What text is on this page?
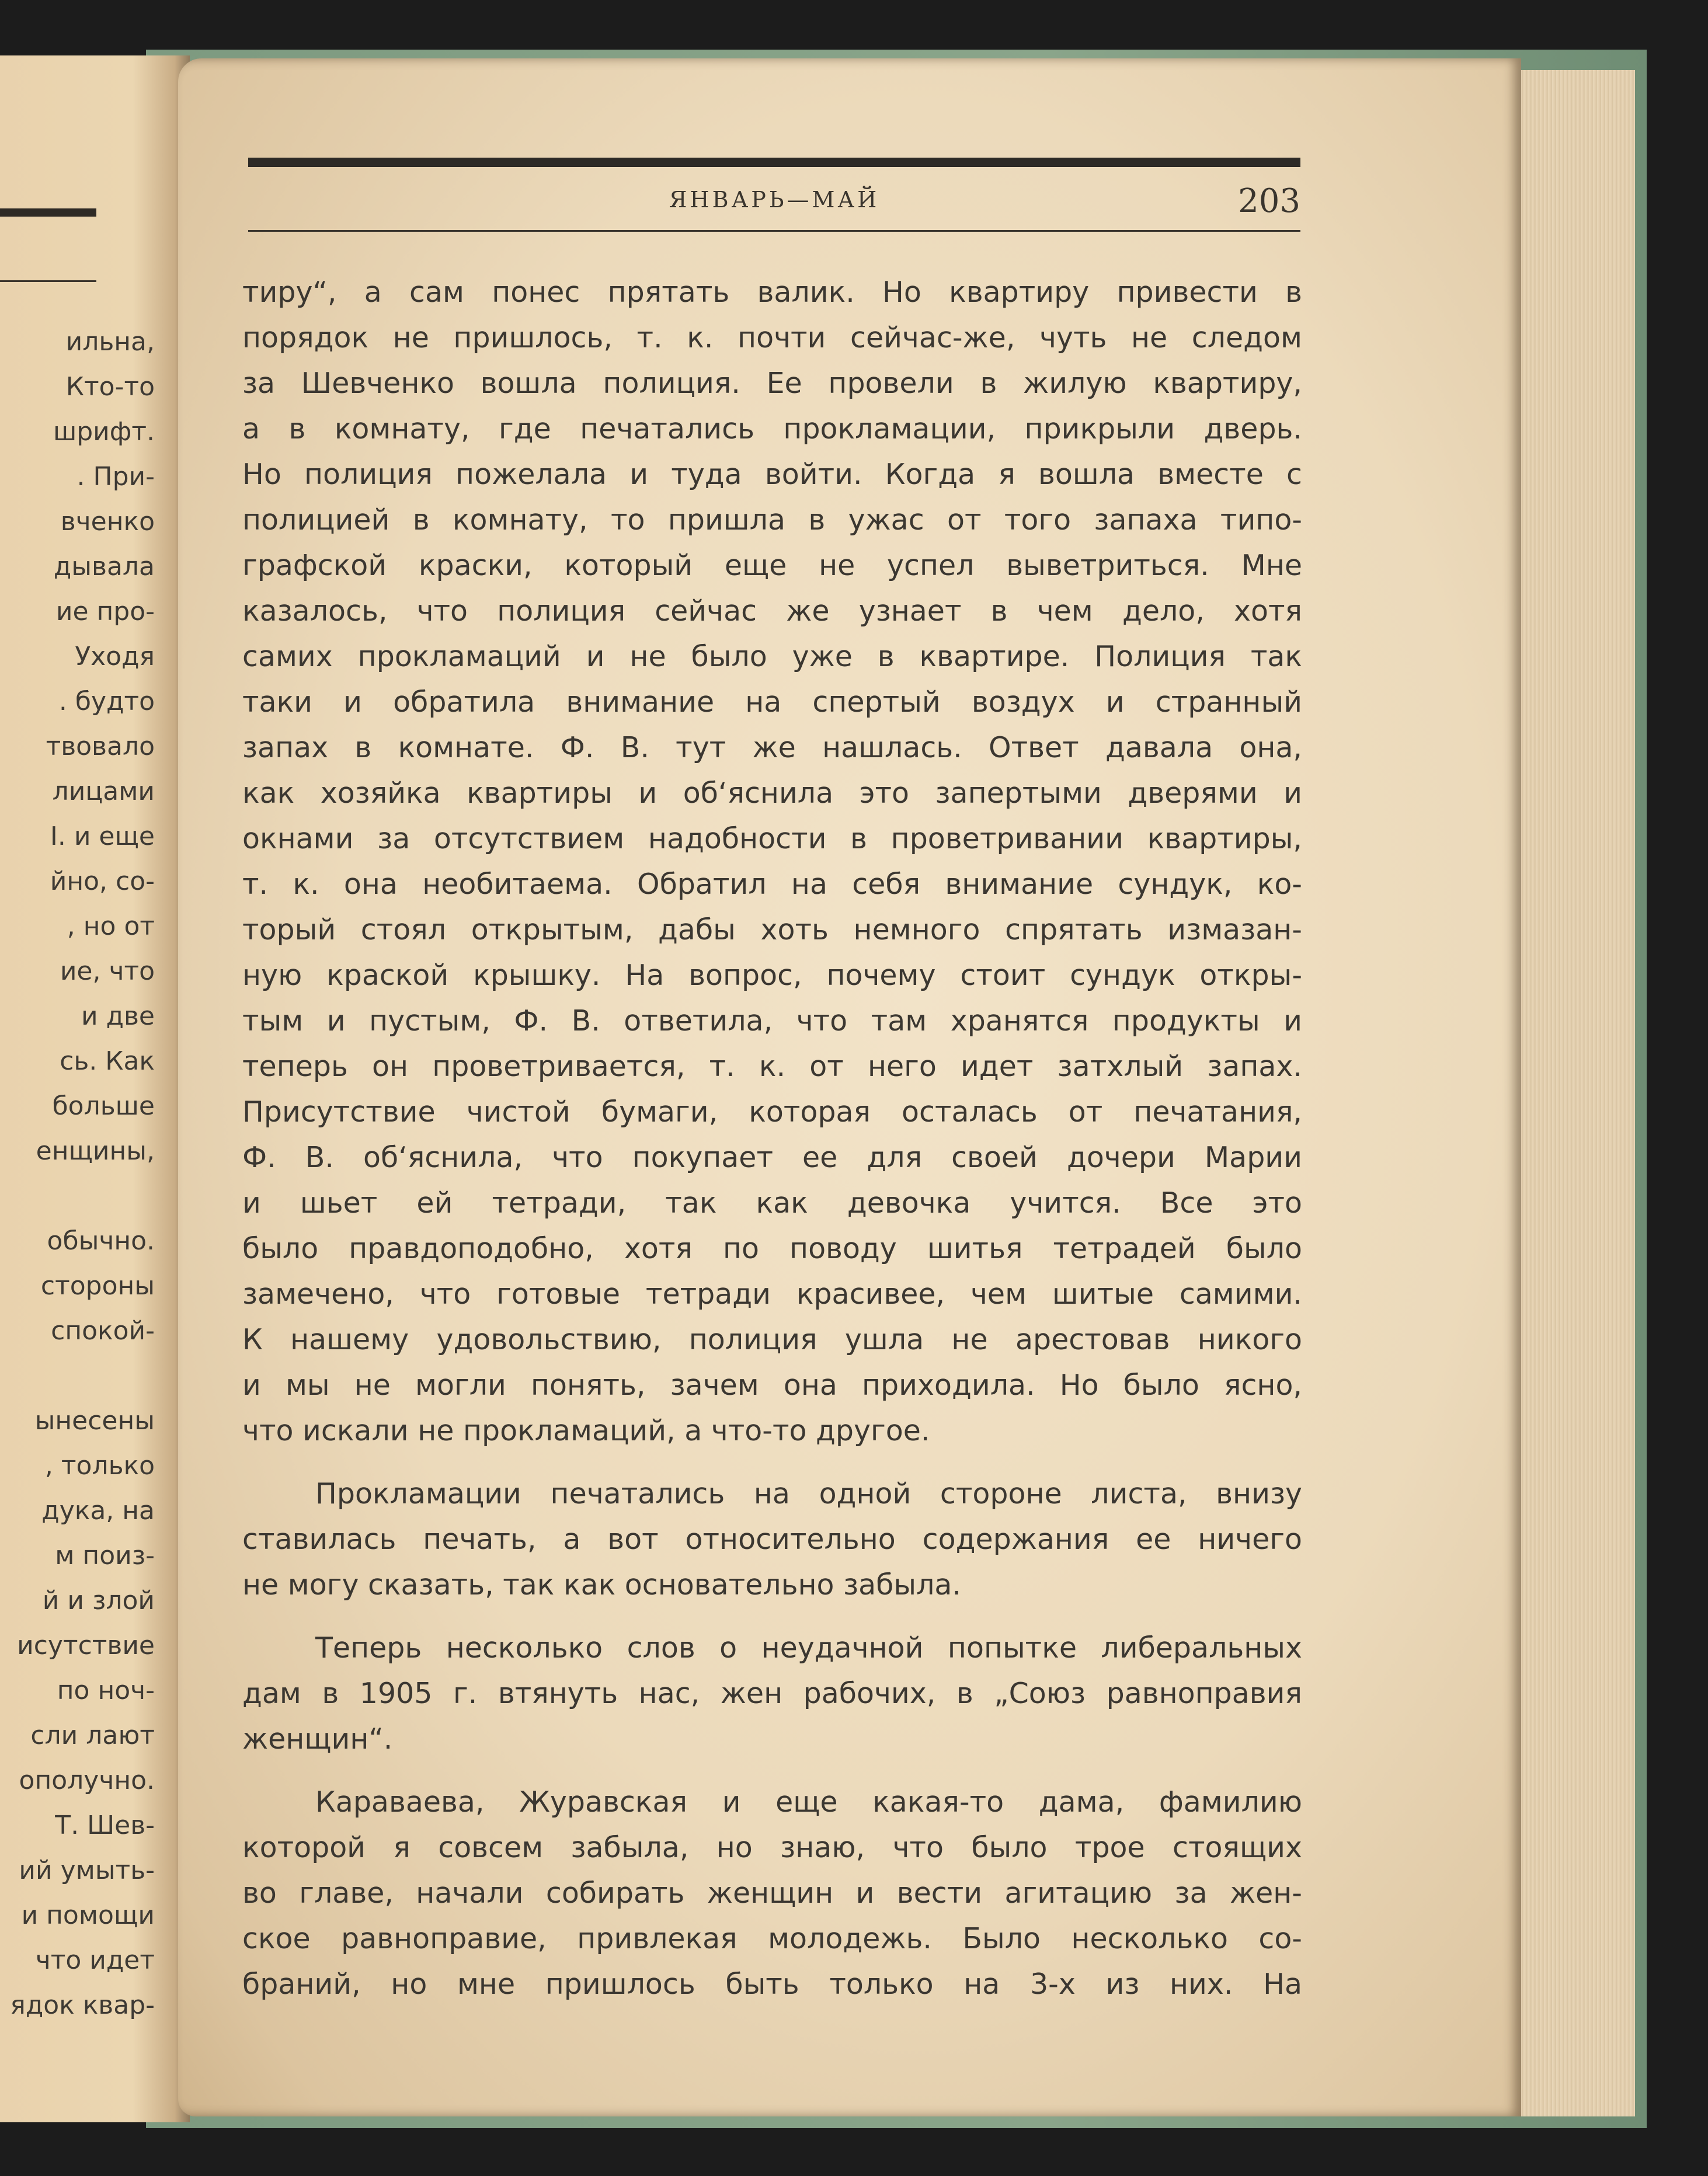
ильна,
Кто-то
шрифт.
. При-
вченко
дывала
ие про-
Уходя
. будто
твовало
лицами
I. и еще
йно, со-
, но от
ие, что
и две
сь. Как
больше
енщины,
обычно.
стороны
спокой-
ынесены
, только
дука, на
м поиз-
й и злой
исутствие
по ноч-
сли лают
ополучно.
Т. Шев-
ий умыть-
и помощи
что идет
ядок квар-
ЯНВАРЬ—МАЙ	203
тиру“, а сам понес прятать валик. Но квартиру привести в
порядок не пришлось, т. к. почти сейчас-же, чуть не следом
за Шевченко вошла полиция. Ее провели в жилую квартиру,
а в комнату, где печатались прокламации, прикрыли дверь.
Но полиция пожелала и туда войти. Когда я вошла вместе с
полицией в комнату, то пришла в ужас от того запаха типо-
графской краски, который еще не успел выветриться. Мне
казалось, что полиция сейчас же узнает в чем дело, хотя
самих прокламаций и не было уже в квартире. Полиция так
таки и обратила внимание на спертый воздух и странный
запах в комнате. Ф. В. тут же нашлась. Ответ давала она,
как хозяйка квартиры и об‘яснила это запертыми дверями и
окнами за отсутствием надобности в проветривании квартиры,
т. к. она необитаема. Обратил на себя внимание сундук, ко-
торый стоял открытым, дабы хоть немного спрятать измазан-
ную краской крышку. На вопрос, почему стоит сундук откры-
тым и пустым, Ф. В. ответила, что там хранятся продукты и
теперь он проветривается, т. к. от него идет затхлый запах.
Присутствие чистой бумаги, которая осталась от печатания,
Ф. В. об‘яснила, что покупает ее для своей дочери Марии
и шьет ей тетради, так как девочка учится. Все это
было правдоподобно, хотя по поводу шитья тетрадей было
замечено, что готовые тетради красивее, чем шитые самими.
К нашему удовольствию, полиция ушла не арестовав никого
и мы не могли понять, зачем она приходила. Но было ясно,
что искали не прокламаций, а что-то другое.
Прокламации печатались на одной стороне листа, внизу
ставилась печать, а вот относительно содержания ее ничего
не могу сказать, так как основательно забыла.
Теперь несколько слов о неудачной попытке либеральных
дам в 1905 г. втянуть нас, жен рабочих, в „Союз равноправия
женщин“.
Караваева, Журавская и еще какая-то дама, фамилию
которой я совсем забыла, но знаю, что было трое стоящих
во главе, начали собирать женщин и вести агитацию за жен-
ское равноправие, привлекая молодежь. Было несколько со-
браний, но мне пришлось быть только на 3-х из них. На
